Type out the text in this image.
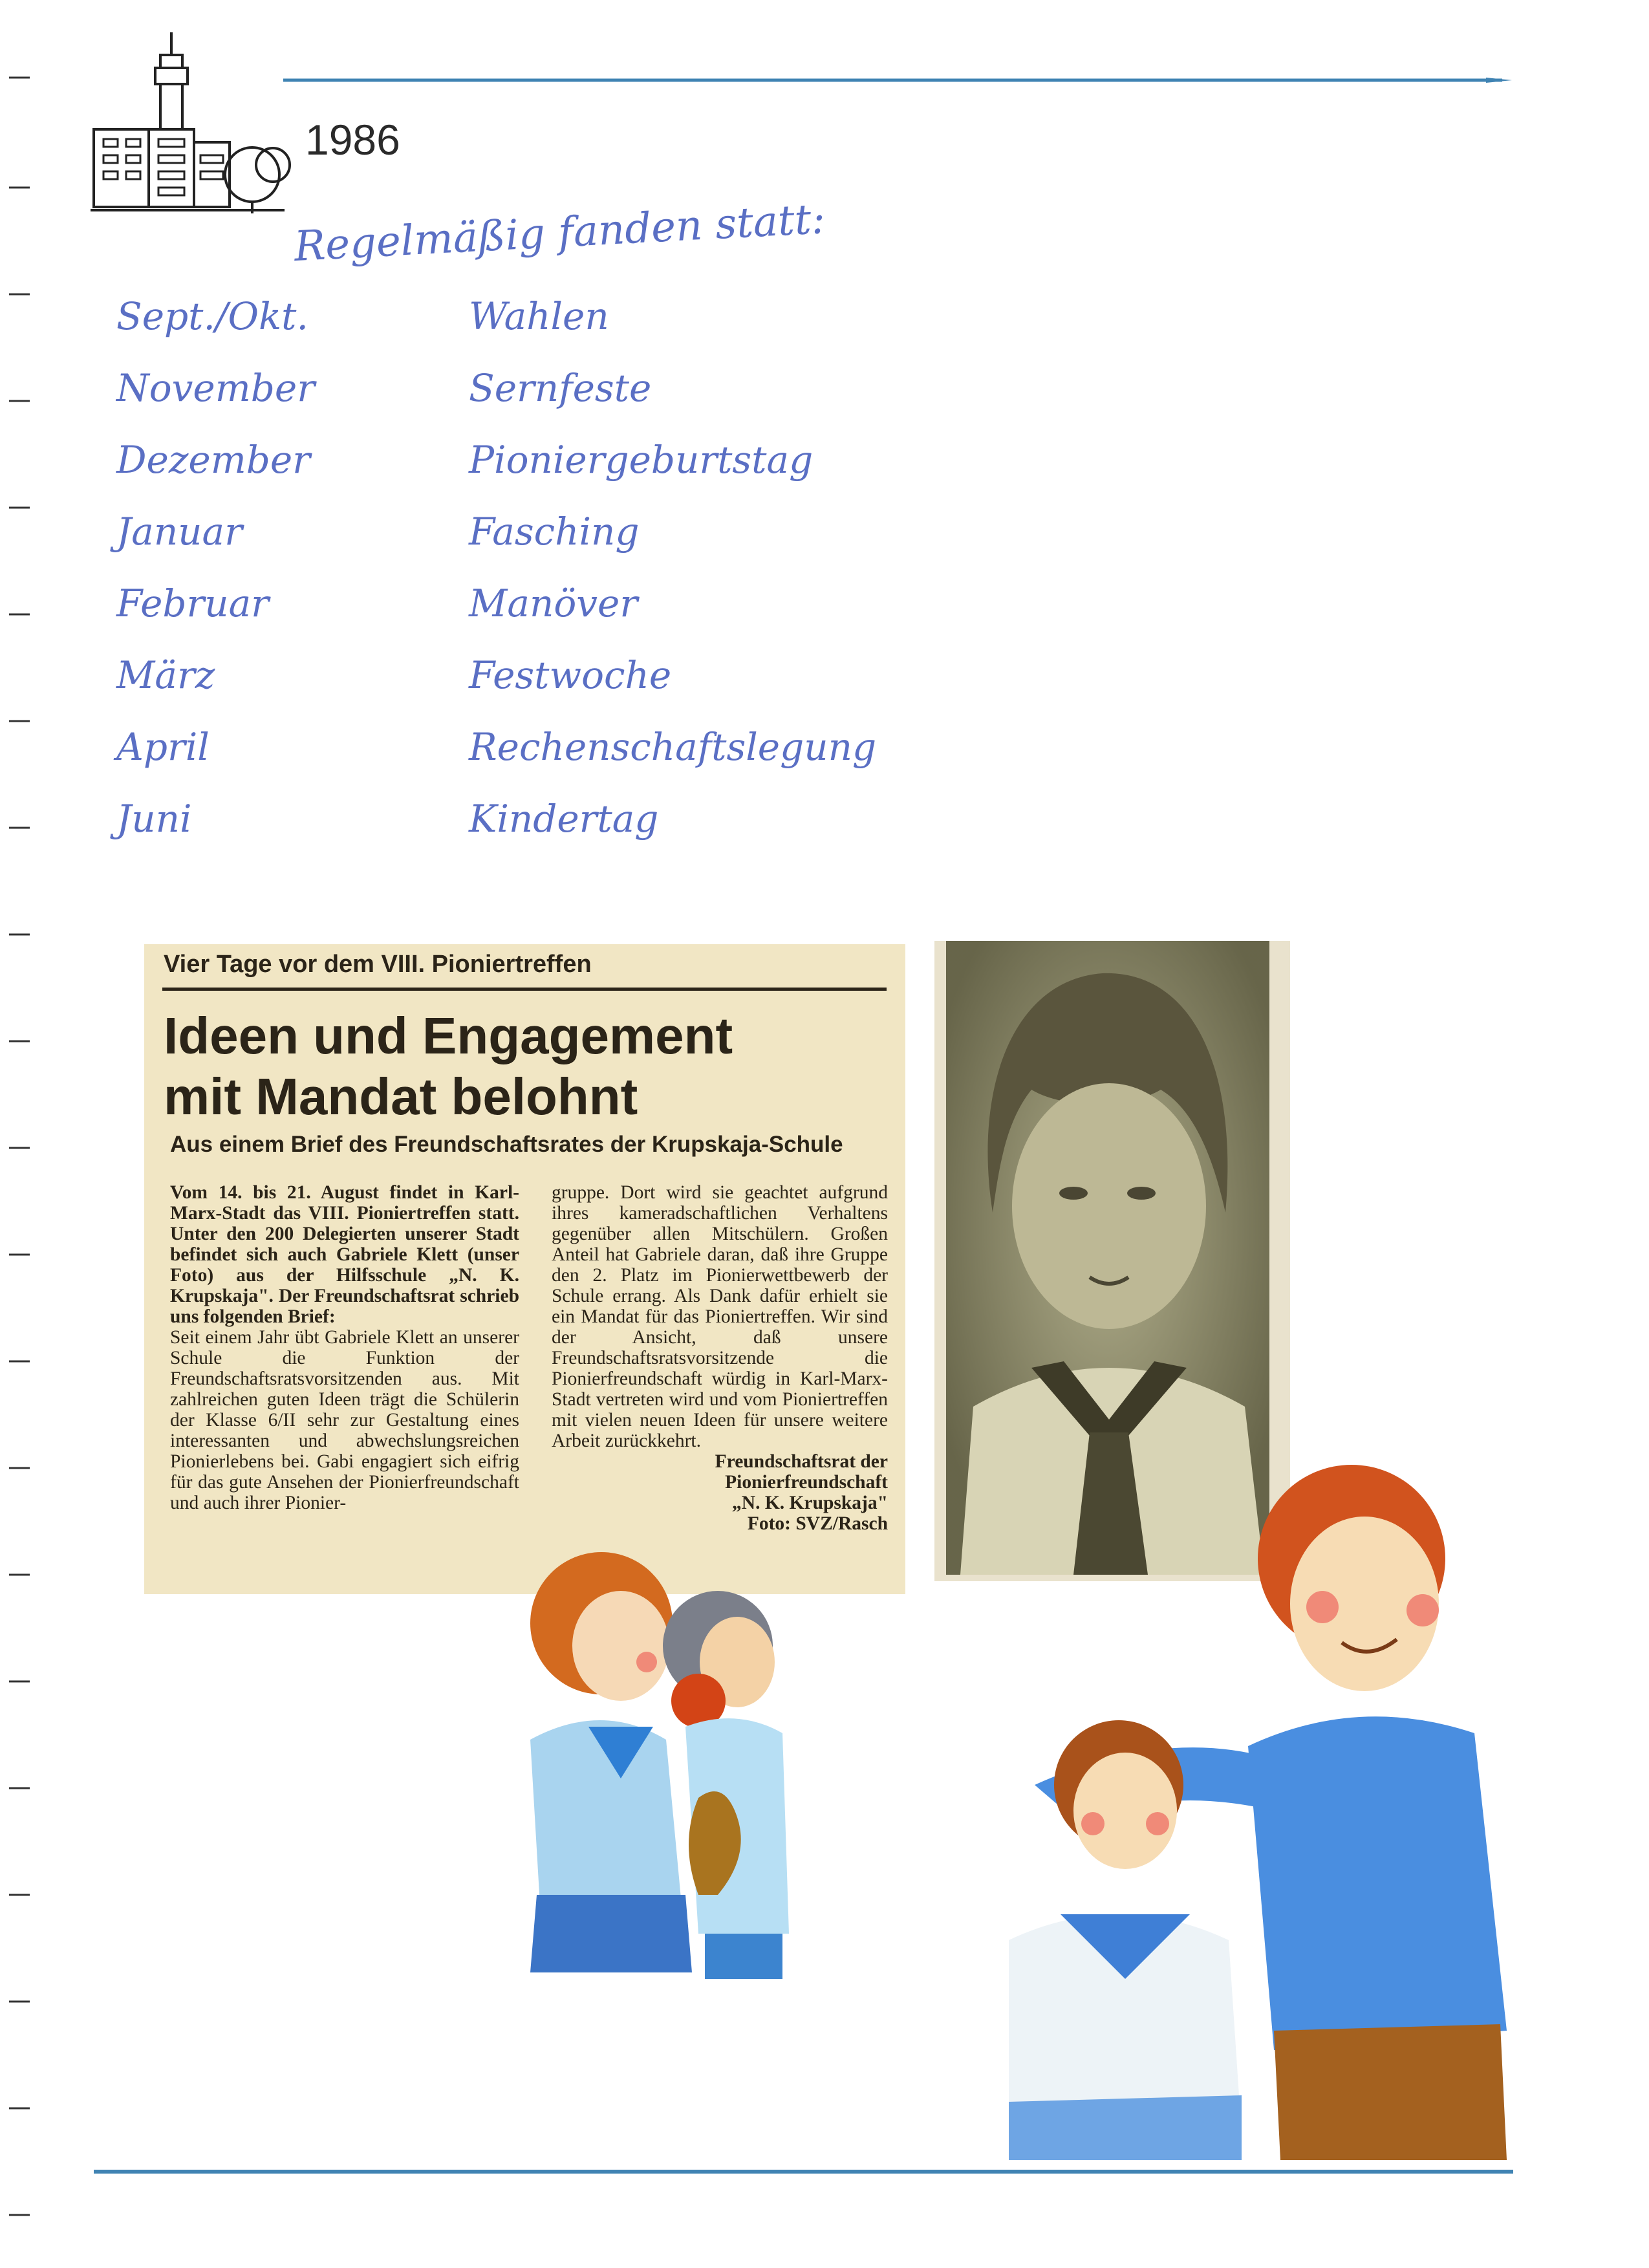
1986
Regelmäßig fanden statt:
Sept./Okt.	Wahlen
November	Sernfeste
Dezember	Pioniergeburtstag
Januar	Fasching
Februar	Manöver
März	Festwoche
April	Rechenschaftslegung
Juni	Kindertag
Vier Tage vor dem VIII. Pioniertreffen
Ideen und Engagement
mit Mandat belohnt
Aus einem Brief des Freundschaftsrates der Krupskaja-Schule
Vom 14. bis 21. August findet in Karl-Marx-Stadt das VIII. Pioniertreffen statt. Unter den 200 Delegierten unserer Stadt befindet sich auch Gabriele Klett (unser Foto) aus der Hilfsschule „N. K. Krupskaja". Der Freundschaftsrat schrieb uns folgenden Brief:
Seit einem Jahr übt Gabriele Klett an unserer Schule die Funktion der Freundschaftsratsvorsitzenden aus. Mit zahlreichen guten Ideen trägt die Schülerin der Klasse 6/II sehr zur Gestaltung eines interessanten und abwechslungsreichen Pionierlebens bei. Gabi engagiert sich eifrig für das gute Ansehen der Pionierfreundschaft und auch ihrer Pionier-
gruppe. Dort wird sie geachtet aufgrund ihres kameradschaftlichen Verhaltens gegenüber allen Mitschülern. Großen Anteil hat Gabriele daran, daß ihre Gruppe den 2. Platz im Pionierwettbewerb der Schule errang. Als Dank dafür erhielt sie ein Mandat für das Pioniertreffen. Wir sind der Ansicht, daß unsere Freundschaftsratsvorsitzende die Pionierfreundschaft würdig in Karl-Marx-Stadt vertreten wird und vom Pioniertreffen mit vielen neuen Ideen für unsere weitere Arbeit zurückkehrt.
Freundschaftsrat der
Pionierfreundschaft
„N. K. Krupskaja"
Foto: SVZ/Rasch
